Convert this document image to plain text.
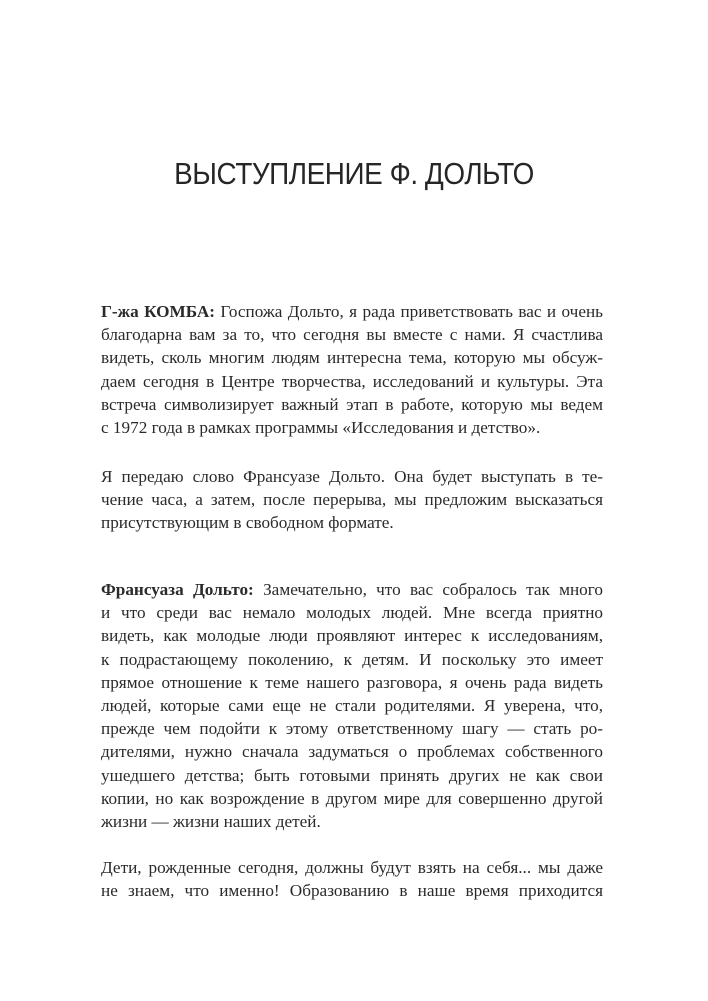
ВЫСТУПЛЕНИЕ Ф. ДОЛЬТО
Г-жа КОМБА: Госпожа Дольто, я рада приветствовать вас и очень
благодарна вам за то, что сегодня вы вместе с нами. Я счастлива
видеть, сколь многим людям интересна тема, которую мы обсуж-
даем сегодня в Центре творчества, исследований и культуры. Эта
встреча символизирует важный этап в работе, которую мы ведем
с 1972 года в рамках программы «Исследования и детство».
Я передаю слово Франсуазе Дольто. Она будет выступать в те-
чение часа, а затем, после перерыва, мы предложим высказаться
присутствующим в свободном формате.
Франсуаза Дольто: Замечательно, что вас собралось так много
и что среди вас немало молодых людей. Мне всегда приятно
видеть, как молодые люди проявляют интерес к исследованиям,
к подрастающему поколению, к детям. И поскольку это имеет
прямое отношение к теме нашего разговора, я очень рада видеть
людей, которые сами еще не стали родителями. Я уверена, что,
прежде чем подойти к этому ответственному шагу — стать ро-
дителями, нужно сначала задуматься о проблемах собственного
ушедшего детства; быть готовыми принять других не как свои
копии, но как возрождение в другом мире для совершенно другой
жизни — жизни наших детей.
Дети, рожденные сегодня, должны будут взять на себя... мы даже
не знаем, что именно! Образованию в наше время приходится
